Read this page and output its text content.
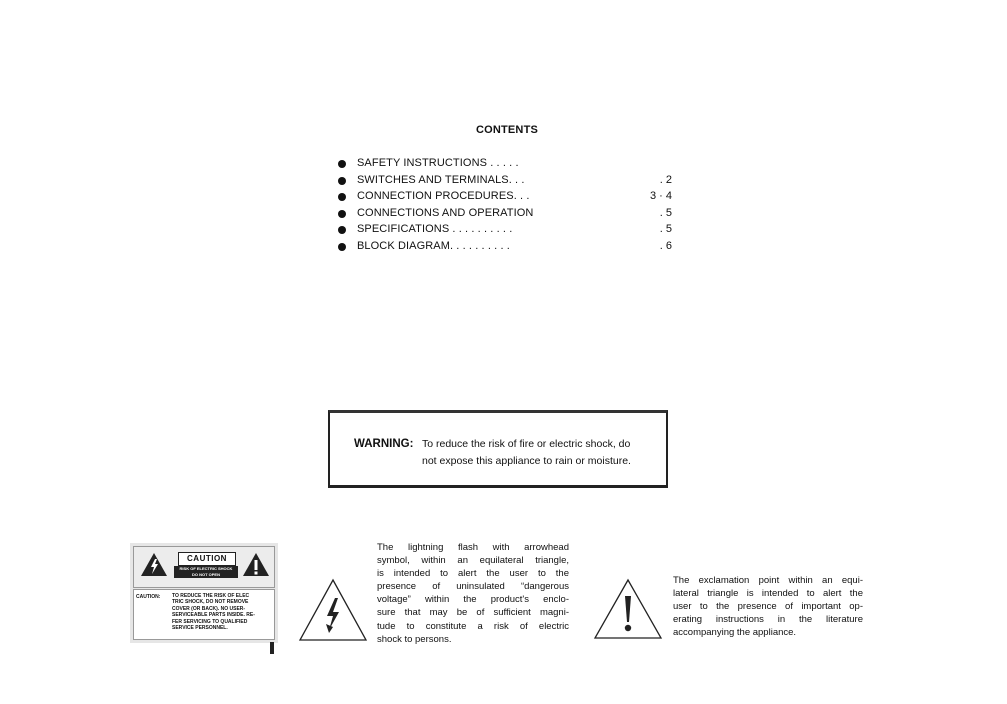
CONTENTS
SAFETY INSTRUCTIONS . . . . .
SWITCHES AND TERMINALS. . .	. 2
CONNECTION PROCEDURES. . .	3 · 4
CONNECTIONS AND OPERATION	. 5
SPECIFICATIONS . . . . . . . . . .	. 5
BLOCK DIAGRAM. . . . . . . . . .	. 6
WARNING: To reduce the risk of fire or electric shock, do
not expose this appliance to rain or moisture.
CAUTION
RISK OF ELECTRIC SHOCK
DO NOT OPEN
CAUTION: TO REDUCE THE RISK OF ELEC
TRIC SHOCK, DO NOT REMOVE
COVER (OR BACK). NO USER-
SERVICEABLE PARTS INSIDE. RE-
FER SERVICING TO QUALIFIED
SERVICE PERSONNEL.
The lightning flash with arrowhead
symbol, within an equilateral triangle,
is intended to alert the user to the
presence of uninsulated “dangerous
voltage” within the product's enclo-
sure that may be of sufficient magni-
tude to constitute a risk of electric
shock to persons.
The exclamation point within an equi-
lateral triangle is intended to alert the
user to the presence of important op-
erating instructions in the literature
accompanying the appliance.
